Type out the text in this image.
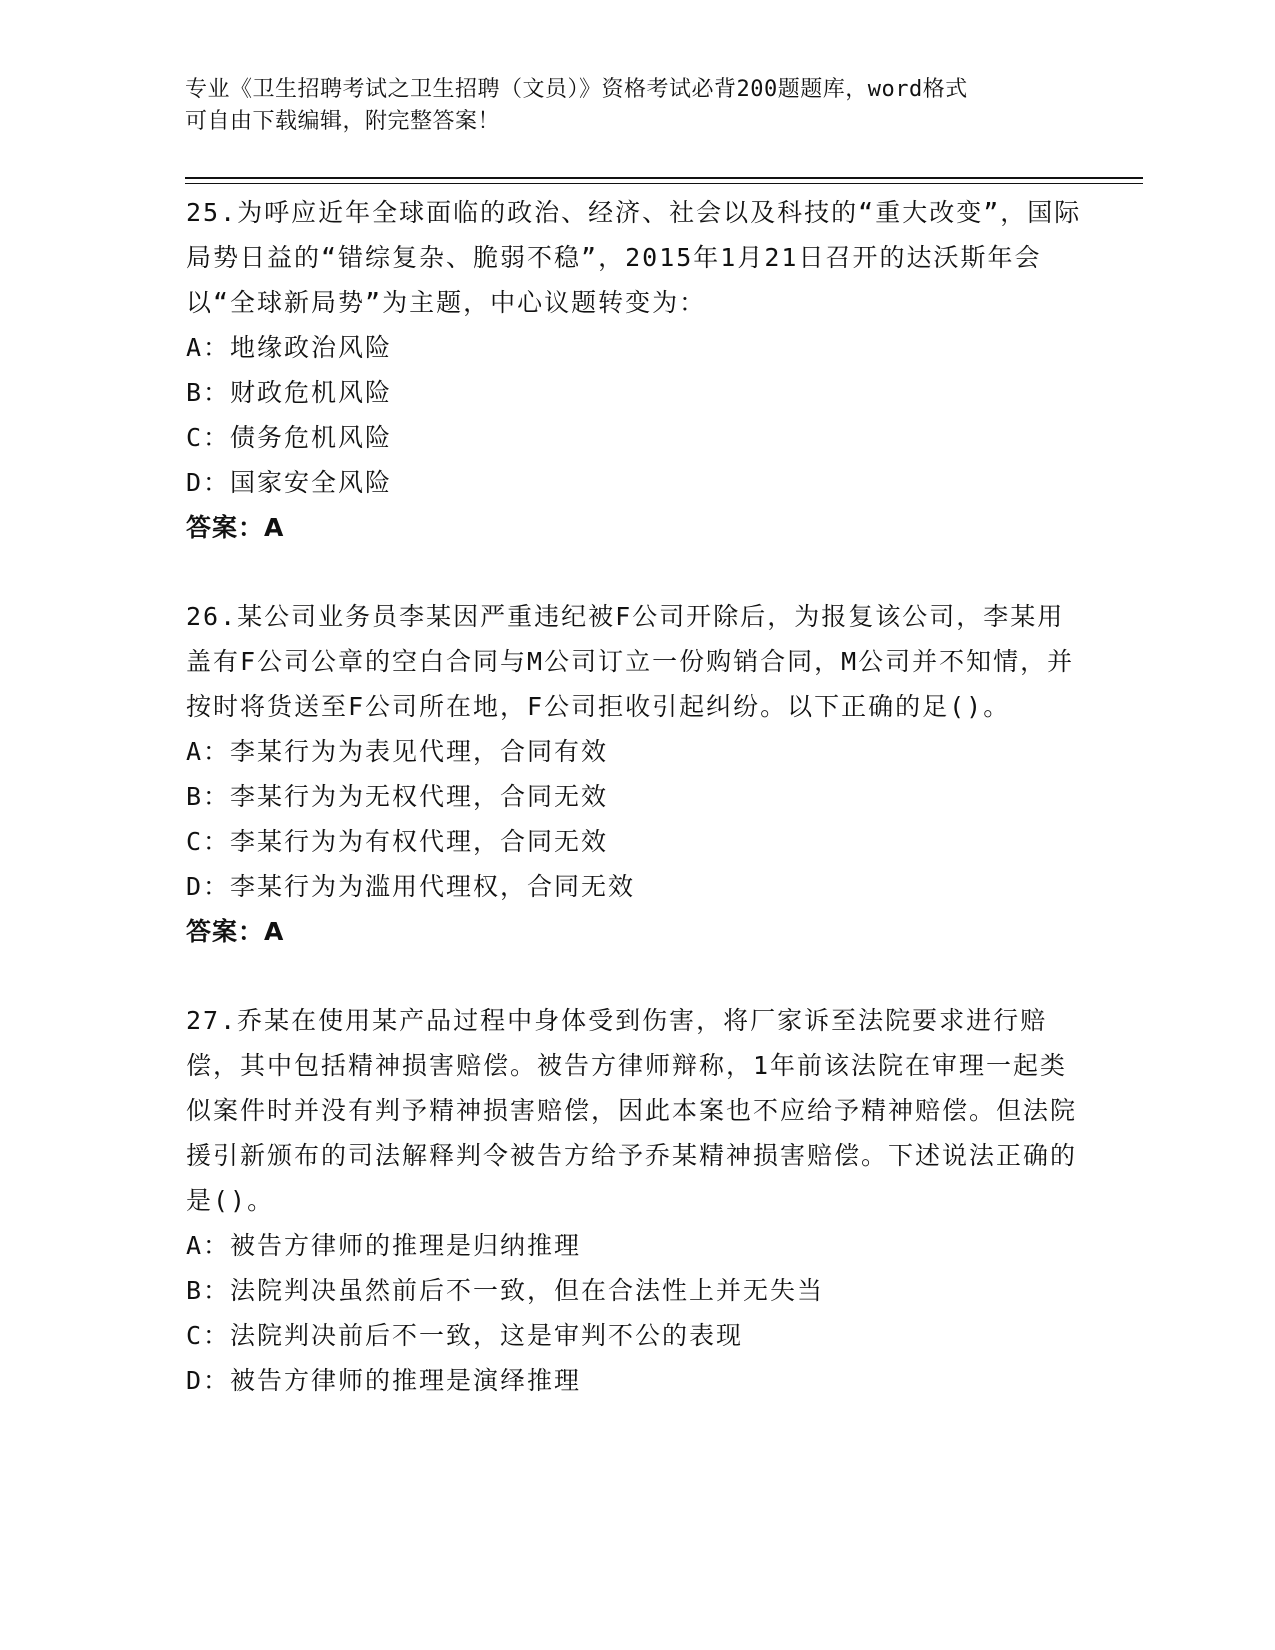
专业《卫生招聘考试之卫生招聘（文员）》资格考试必背200题题库，word格式
可自由下载编辑，附完整答案！
25.为呼应近年全球面临的政治、经济、社会以及科技的“重大改变”，国际局势日益的“错综复杂、脆弱不稳”，2015年1月21日召开的达沃斯年会以“全球新局势”为主题，中心议题转变为：
A：地缘政治风险
B：财政危机风险
C：债务危机风险
D：国家安全风险
答案：A
26.某公司业务员李某因严重违纪被F公司开除后，为报复该公司，李某用盖有F公司公章的空白合同与M公司订立一份购销合同，M公司并不知情，并按时将货送至F公司所在地，F公司拒收引起纠纷。以下正确的足()。
A：李某行为为表见代理，合同有效
B：李某行为为无权代理，合同无效
C：李某行为为有权代理，合同无效
D：李某行为为滥用代理权，合同无效
答案：A
27.乔某在使用某产品过程中身体受到伤害，将厂家诉至法院要求进行赔偿，其中包括精神损害赔偿。被告方律师辩称，1年前该法院在审理一起类似案件时并没有判予精神损害赔偿，因此本案也不应给予精神赔偿。但法院援引新颁布的司法解释判令被告方给予乔某精神损害赔偿。下述说法正确的是()。
A：被告方律师的推理是归纳推理
B：法院判决虽然前后不一致，但在合法性上并无失当
C：法院判决前后不一致，这是审判不公的表现
D：被告方律师的推理是演绎推理
